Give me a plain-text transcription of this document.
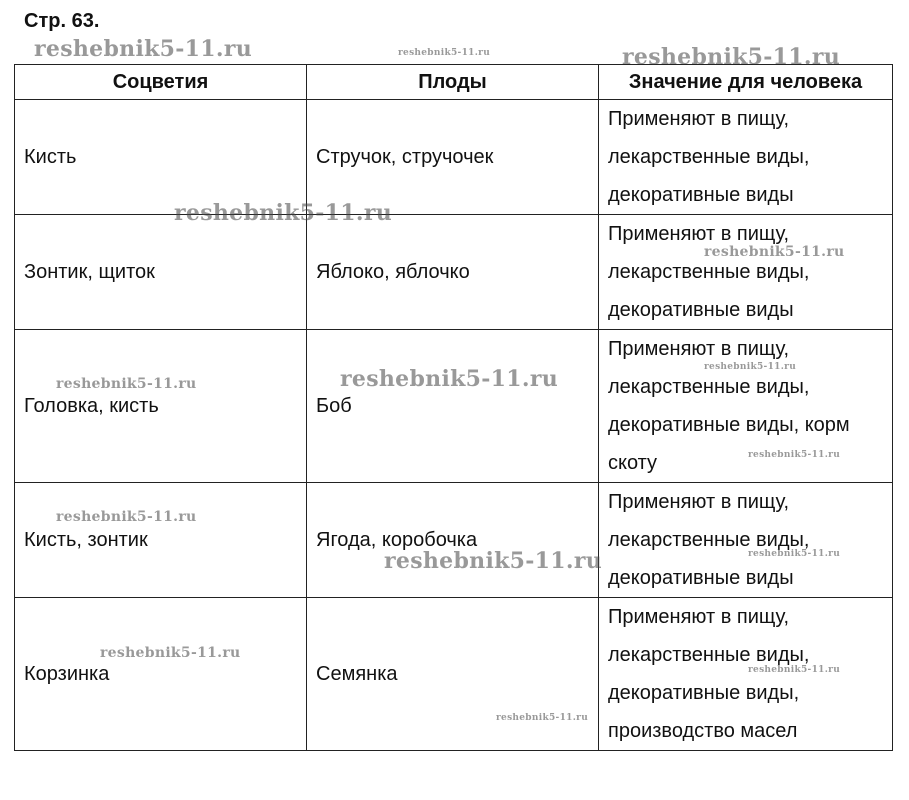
Стр. 63.
Соцветия	Плоды	Значение для человека
Кисть	Стручок, стручочек	Применяют в пищу, лекарственные виды, декоративные виды
Зонтик, щиток	Яблоко, яблочко	Применяют в пищу, лекарственные виды, декоративные виды
Головка, кисть	Боб	Применяют в пищу, лекарственные виды, декоративные виды, корм скоту
Кисть, зонтик	Ягода, коробочка	Применяют в пищу, лекарственные виды, декоративные виды
Корзинка	Семянка	Применяют в пищу, лекарственные виды, декоративные виды, производство масел
reshebnik5-11.ru	reshebnik5-11.ru	reshebnik5-11.ru
reshebnik5-11.ru
reshebnik5-11.ru
reshebnik5-11.ru	reshebnik5-11.ru	reshebnik5-11.ru
reshebnik5-11.ru
reshebnik5-11.ru
reshebnik5-11.ru	reshebnik5-11.ru
reshebnik5-11.ru
reshebnik5-11.ru
reshebnik5-11.ru
